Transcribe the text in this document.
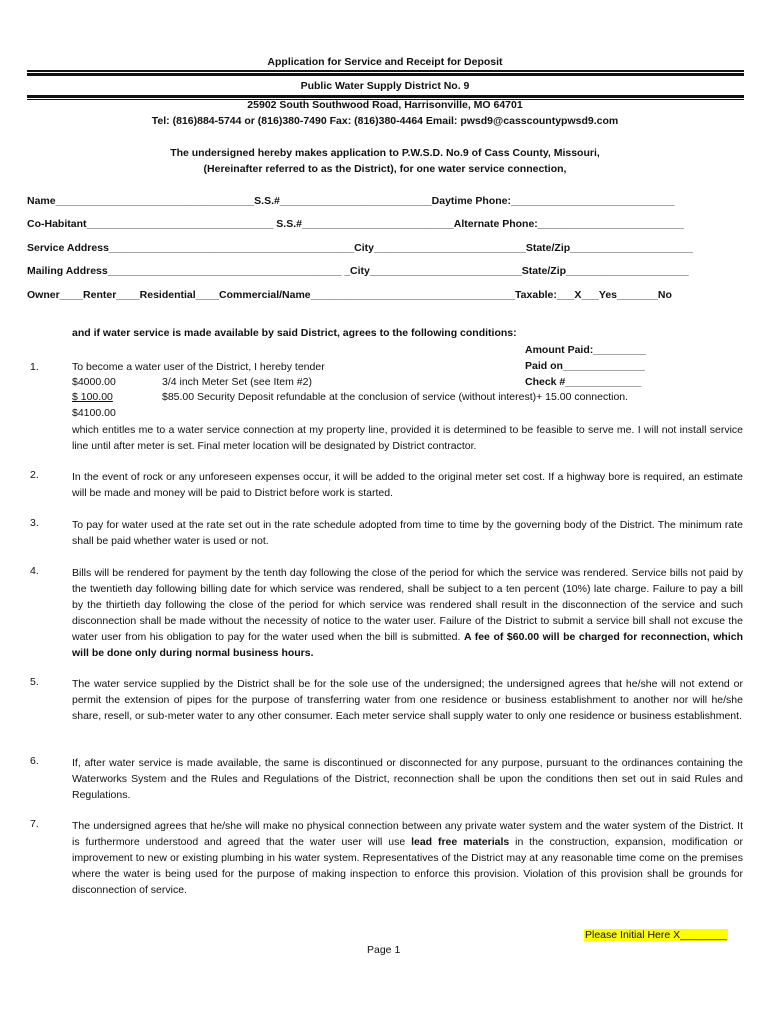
Application for Service and Receipt for Deposit
Public Water Supply District No. 9
25902 South Southwood Road, Harrisonville, MO 64701
Tel: (816)884-5744 or (816)380-7490 Fax: (816)380-4464 Email: pwsd9@casscountypwsd9.com
The undersigned hereby makes application to P.W.S.D. No.9 of Cass County, Missouri,
(Hereinafter referred to as the District), for one water service connection,
Name__________________________________S.S.#__________________________Daytime Phone:____________________________
Co-Habitant________________________________ S.S.#__________________________Alternate Phone:_________________________
Service Address__________________________________________City__________________________State/Zip_____________________
Mailing Address________________________________________ _City__________________________State/Zip_____________________
Owner____Renter____Residential____Commercial/Name___________________________________Taxable:___X___Yes_______No
and if water service is made available by said District, agrees to the following conditions:
Amount Paid:_________
Paid on______________
Check #_____________
1.	To become a water user of the District, I hereby tender
$4000.00	3/4 inch Meter Set (see Item #2)
$ 100.00	$85.00 Security Deposit refundable at the conclusion of service (without interest)+ 15.00 connection.
$4100.00
which entitles me to a water service connection at my property line, provided it is determined to be feasible to serve me. I will not install service line until after meter is set. Final meter location will be designated by District contractor.
2.	In the event of rock or any unforeseen expenses occur, it will be added to the original meter set cost. If a highway bore is required, an estimate will be made and money will be paid to District before work is started.
3.	To pay for water used at the rate set out in the rate schedule adopted from time to time by the governing body of the District. The minimum rate shall be paid whether water is used or not.
4.	Bills will be rendered for payment by the tenth day following the close of the period for which the service was rendered. Service bills not paid by the twentieth day following billing date for which service was rendered, shall be subject to a ten percent (10%) late charge. Failure to pay a bill by the thirtieth day following the close of the period for which service was rendered shall result in the disconnection of the service and such disconnection shall be made without the necessity of notice to the water user. Failure of the District to submit a service bill shall not excuse the water user from his obligation to pay for the water used when the bill is submitted. A fee of $60.00 will be charged for reconnection, which will be done only during normal business hours.
5.	The water service supplied by the District shall be for the sole use of the undersigned; the undersigned agrees that he/she will not extend or permit the extension of pipes for the purpose of transferring water from one residence or business establishment to another nor will he/she share, resell, or sub-meter water to any other consumer. Each meter service shall supply water to only one residence or business establishment.
6.	If, after water service is made available, the same is discontinued or disconnected for any purpose, pursuant to the ordinances containing the Waterworks System and the Rules and Regulations of the District, reconnection shall be upon the conditions then set out in said Rules and Regulations.
7.	The undersigned agrees that he/she will make no physical connection between any private water system and the water system of the District. It is furthermore understood and agreed that the water user will use lead free materials in the construction, expansion, modification or improvement to new or existing plumbing in his water system. Representatives of the District may at any reasonable time come on the premises where the water is being used for the purpose of making inspection to enforce this provision. Violation of this provision shall be grounds for disconnection of service.
Please Initial Here X________
Page 1
